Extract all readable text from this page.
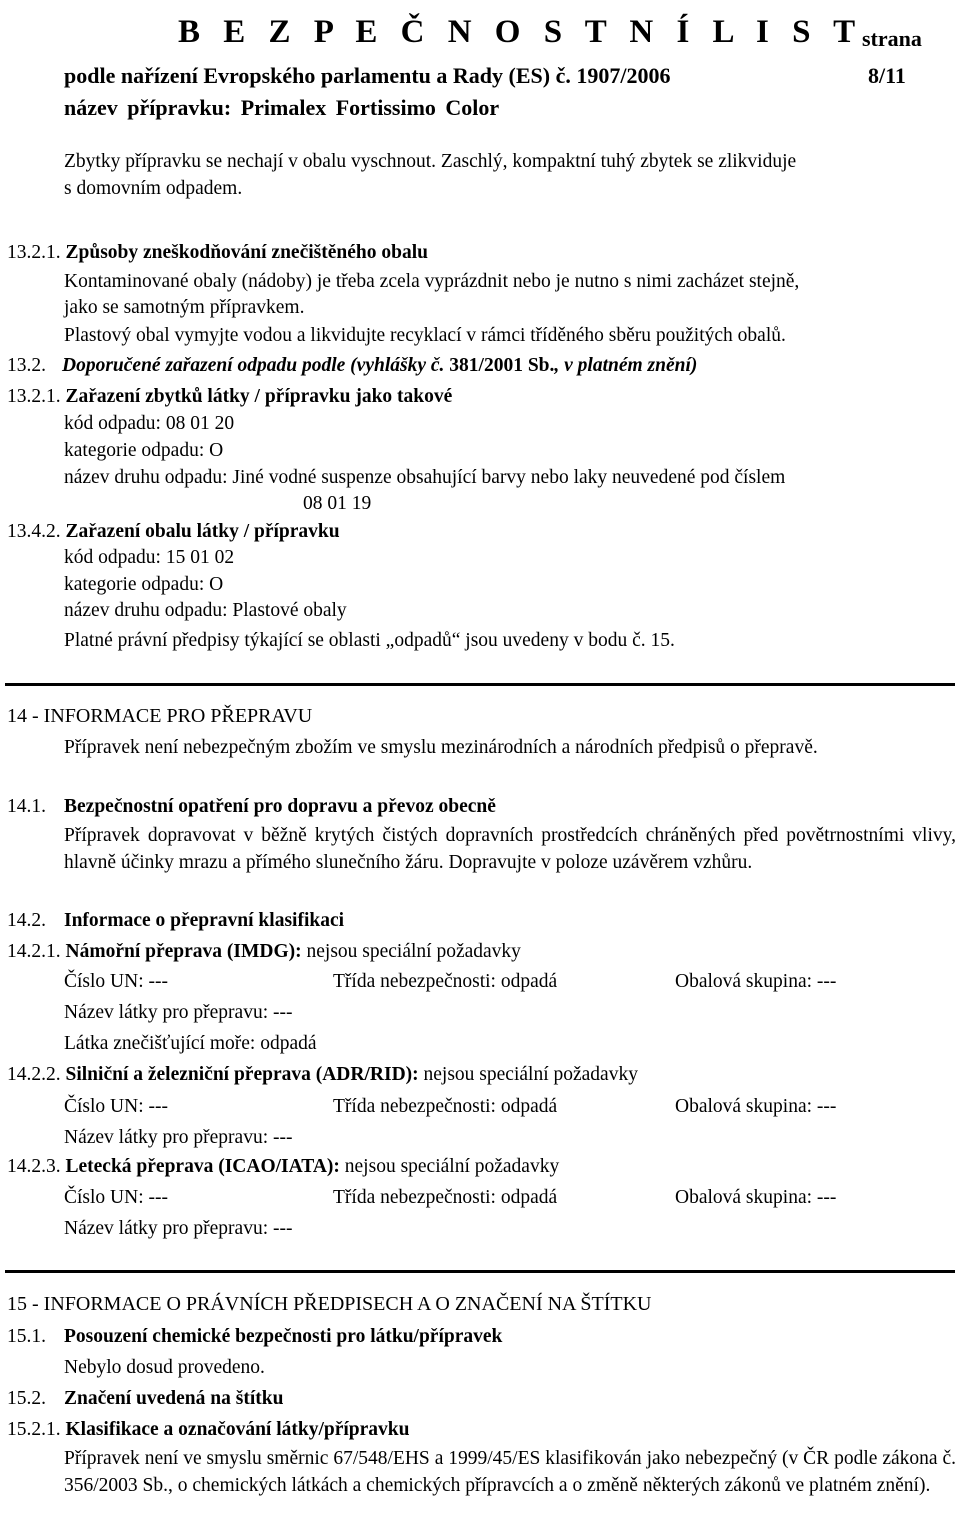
B E Z P E Č N O S T N Í L I S T strana
podle nařízení Evropského parlamentu a Rady (ES) č. 1907/2006	8/11
název přípravku: Primalex Fortissimo Color
Zbytky přípravku se nechají v obalu vyschnout. Zaschlý, kompaktní tuhý zbytek se zlikviduje
s domovním odpadem.
13.2.1. Způsoby zneškodňování znečištěného obalu
Kontaminované obaly (nádoby) je třeba zcela vyprázdnit nebo je nutno s nimi zacházet stejně,
jako se samotným přípravkem.
Plastový obal vymyjte vodou a likvidujte recyklací v rámci tříděného sběru použitých obalů.
13.2. Doporučené zařazení odpadu podle (vyhlášky č. 381/2001 Sb., v platném znění)
13.2.1. Zařazení zbytků látky / přípravku jako takové
kód odpadu: 08 01 20
kategorie odpadu: O
název druhu odpadu: Jiné vodné suspenze obsahující barvy nebo laky neuvedené pod číslem
08 01 19
13.4.2. Zařazení obalu látky / přípravku
kód odpadu: 15 01 02
kategorie odpadu: O
název druhu odpadu: Plastové obaly
Platné právní předpisy týkající se oblasti „odpadů“ jsou uvedeny v bodu č. 15.
14 - INFORMACE PRO PŘEPRAVU
Přípravek není nebezpečným zbožím ve smyslu mezinárodních a národních předpisů o přepravě.
14.1. Bezpečnostní opatření pro dopravu a převoz obecně
Přípravek dopravovat v běžně krytých čistých dopravních prostředcích chráněných před povětrnostními vlivy, hlavně účinky mrazu a přímého slunečního žáru. Dopravujte v poloze uzávěrem vzhůru.
14.2. Informace o přepravní klasifikaci
14.2.1. Námořní přeprava (IMDG): nejsou speciální požadavky
Číslo UN: ---	Třída nebezpečnosti: odpadá	Obalová skupina: ---
Název látky pro přepravu: ---
Látka znečišťující moře: odpadá
14.2.2. Silniční a železniční přeprava (ADR/RID): nejsou speciální požadavky
Číslo UN: ---	Třída nebezpečnosti: odpadá	Obalová skupina: ---
Název látky pro přepravu: ---
14.2.3. Letecká přeprava (ICAO/IATA): nejsou speciální požadavky
Číslo UN: ---	Třída nebezpečnosti: odpadá	Obalová skupina: ---
Název látky pro přepravu: ---
15 - INFORMACE O PRÁVNÍCH PŘEDPISECH A O ZNAČENÍ NA ŠTÍTKU
15.1. Posouzení chemické bezpečnosti pro látku/přípravek
Nebylo dosud provedeno.
15.2. Značení uvedená na štítku
15.2.1. Klasifikace a označování látky/přípravku
Přípravek není ve smyslu směrnic 67/548/EHS a 1999/45/ES klasifikován jako nebezpečný (v ČR podle zákona č. 356/2003 Sb., o chemických látkách a chemických přípravcích a o změně některých zákonů ve platném znění).
